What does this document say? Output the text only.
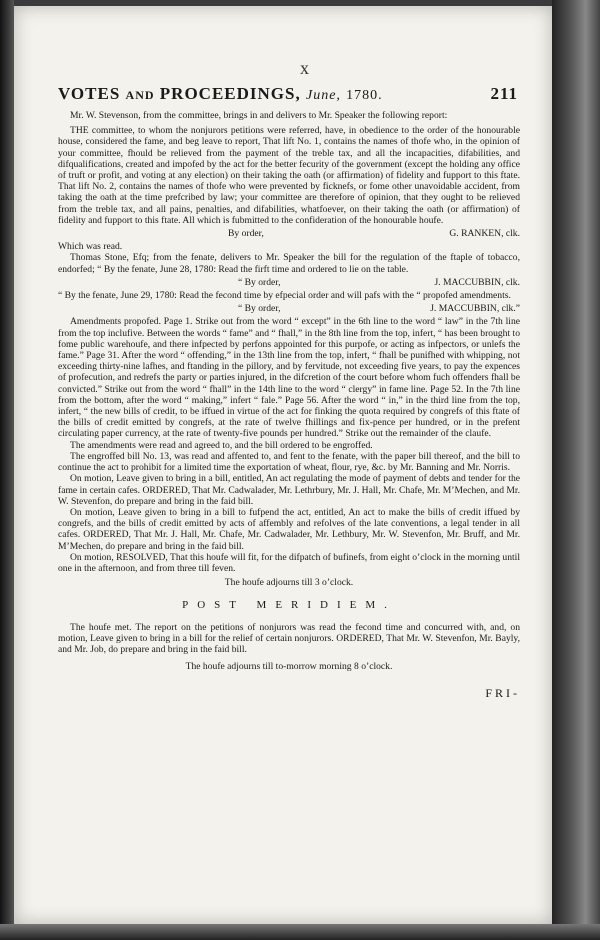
x
VOTES AND PROCEEDINGS, June, 1780.	211

Mr. W. Stevenson, from the committee, brings in and delivers to Mr. Speaker the following report:

THE committee, to whom the nonjurors petitions were referred, have, in obedience to the order of the honourable house, considered the fame, and beg leave to report, That lift No. 1, contains the names of thofe who, in the opinion of your committee, fhould be relieved from the payment of the treble tax, and all the incapacities, difabilities, and difqualifications, created and impofed by the act for the better fecurity of the government (except the holding any office of truft or profit, and voting at any election) on their taking the oath (or affirmation) of fidelity and fupport to this ftate. That lift No. 2, contains the names of thofe who were prevented by ficknefs, or fome other unavoidable accident, from taking the oath at the time prefcribed by law; your committee are therefore of opinion, that they ought to be relieved from the treble tax, and all pains, penalties, and difabilities, whatfoever, on their taking the oath (or affirmation) of fidelity and fupport to this ftate. All which is fubmitted to the confideration of the honourable houfe.

By order,	G. RANKEN, clk.

Which was read.

Thomas Stone, Efq; from the fenate, delivers to Mr. Speaker the bill for the regulation of the ftaple of tobacco, endorfed; “ By the fenate, June 28, 1780: Read the firft time and ordered to lie on the table.

“ By order,	J. MACCUBBIN, clk.

“ By the fenate, June 29, 1780: Read the fecond time by efpecial order and will pafs with the “ propofed amendments.

“ By order,	J. MACCUBBIN, clk.”

Amendments propofed. Page 1. Strike out from the word “ except” in the 6th line to the word “ law” in the 7th line from the top inclufive. Between the words “ fame” and “ fhall,” in the 8th line from the top, infert, “ has been brought to fome public warehoufe, and there infpected by perfons appointed for this purpofe, or acting as infpectors, or unlefs the fame.” Page 31. After the word “ offending,” in the 13th line from the top, infert, “ fhall be punifhed with whipping, not exceeding thirty-nine lafhes, and ftanding in the pillory, and by fervitude, not exceeding five years, to pay the expences of profecution, and redrefs the party or parties injured, in the difcretion of the court before whom fuch offenders fhall be convicted.” Strike out from the word “ fhall” in the 14th line to the word “ clergy” in fame line. Page 52. In the 7th line from the bottom, after the word “ making,” infert “ fale.” Page 56. After the word “ in,” in the third line from the top, infert, “ the new bills of credit, to be iffued in virtue of the act for finking the quota required by congrefs of this ftate of the bills of credit emitted by congrefs, at the rate of twelve fhillings and fix-pence per hundred, or in the prefent circulating paper currency, at the rate of twenty-five pounds per hundred.” Strike out the remainder of the claufe.

The amendments were read and agreed to, and the bill ordered to be engroffed.

The engroffed bill No. 13, was read and affented to, and fent to the fenate, with the paper bill thereof, and the bill to continue the act to prohibit for a limited time the exportation of wheat, flour, rye, &c. by Mr. Banning and Mr. Norris.

On motion, Leave given to bring in a bill, entitled, An act regulating the mode of payment of debts and tender for the fame in certain cafes. ORDERED, That Mr. Cadwalader, Mr. Lethrbury, Mr. J. Hall, Mr. Chafe, Mr. M’Mechen, and Mr. W. Stevenfon, do prepare and bring in the faid bill.

On motion, Leave given to bring in a bill to fufpend the act, entitled, An act to make the bills of credit iffued by congrefs, and the bills of credit emitted by acts of affembly and refolves of the late conventions, a legal tender in all cafes. ORDERED, That Mr. J. Hall, Mr. Chafe, Mr. Cadwalader, Mr. Lethbury, Mr. W. Stevenfon, Mr. Bruff, and Mr. M’Mechen, do prepare and bring in the faid bill.

On motion, RESOLVED, That this houfe will fit, for the difpatch of bufinefs, from eight o’clock in the morning until one in the afternoon, and from three till feven.

The houfe adjourns till 3 o’clock.
POST MERIDIEM.

The houfe met. The report on the petitions of nonjurors was read the fecond time and concurred with, and, on motion, Leave given to bring in a bill for the relief of certain nonjurors. ORDERED, That Mr. W. Stevenfon, Mr. Bayly, and Mr. Job, do prepare and bring in the faid bill.

The houfe adjourns till to-morrow morning 8 o’clock.
FRI-
